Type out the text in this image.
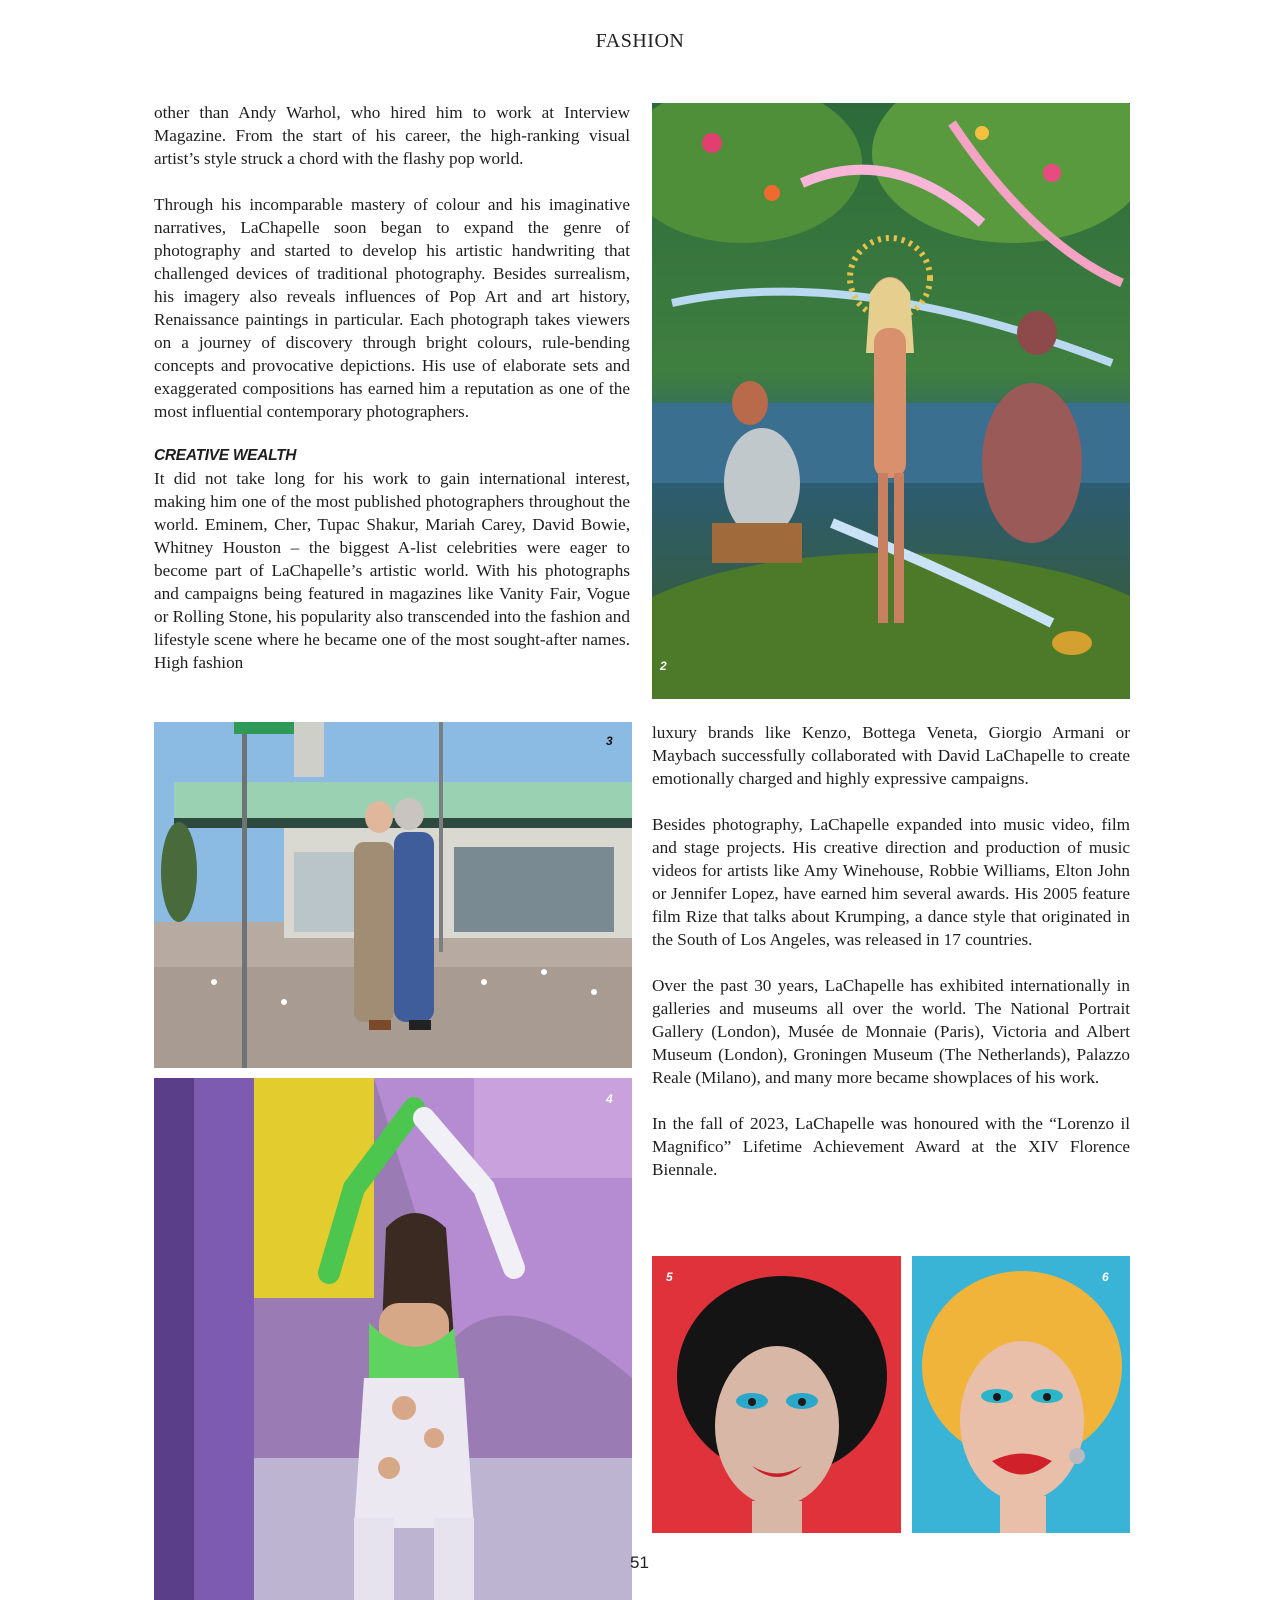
FASHION

other than Andy Warhol, who hired him to work at Interview Magazine. From the start of his career, the high-ranking visual artist’s style struck a chord with the flashy pop world.

Through his incomparable mastery of colour and his imaginative narratives, LaChapelle soon began to expand the genre of photography and started to develop his artistic handwriting that challenged devices of traditional photography. Besides surrealism, his imagery also reveals influences of Pop Art and art history, Renaissance paintings in particular. Each photograph takes viewers on a journey of discovery through bright colours, rule-bending concepts and provocative depictions. His use of elaborate sets and exaggerated compositions has earned him a reputation as one of the most influential contemporary photographers.

CREATIVE WEALTH

It did not take long for his work to gain international interest, making him one of the most published photographers throughout the world. Eminem, Cher, Tupac Shakur, Mariah Carey, David Bowie, Whitney Houston – the biggest A-list celebrities were eager to become part of LaChapelle’s artistic world. With his photographs and campaigns being featured in magazines like Vanity Fair, Vogue or Rolling Stone, his popularity also transcended into the fashion and lifestyle scene where he became one of the most sought-after names. High fashion	2
3
4

luxury brands like Kenzo, Bottega Veneta, Giorgio Armani or Maybach successfully collaborated with David LaChapelle to create emotionally charged and highly expressive campaigns.

Besides photography, LaChapelle expanded into music video, film and stage projects. His creative direction and production of music videos for artists like Amy Winehouse, Robbie Williams, Elton John or Jennifer Lopez, have earned him several awards. His 2005 feature film Rize that talks about Krumping, a dance style that originated in the South of Los Angeles, was released in 17 countries.

Over the past 30 years, LaChapelle has exhibited internationally in galleries and museums all over the world. The National Portrait Gallery (London), Musée de Monnaie (Paris), Victoria and Albert Museum (London), Groningen Museum (The Netherlands), Palazzo Reale (Milano), and many more became showplaces of his work.

In the fall of 2023, LaChapelle was honoured with the “Lorenzo il Magnifico” Lifetime Achievement Award at the XIV Florence Biennale.

5	6
51
